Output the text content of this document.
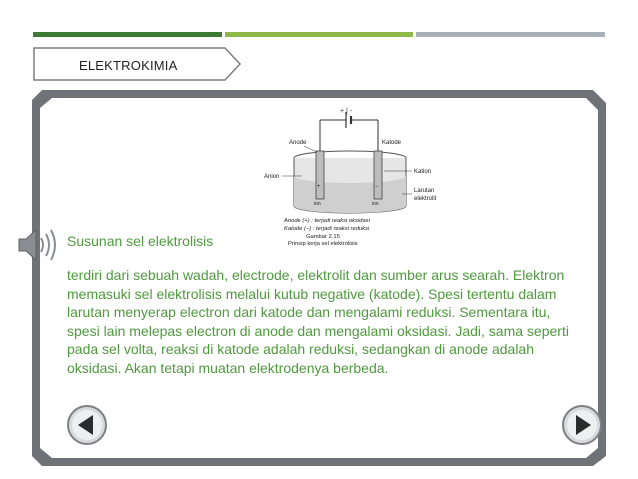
ELEKTROKIMIA
+ | -
+	−
ion	ion
Anode	Katode
Anion
Kation
Larutan
elektrolit
Anode (+) : terjadi reaksi oksidasi
Katode (−) : terjadi reaksi reduksi
Gambar 2.15
Prinsip kerja sel elektrolisis
Susunan sel elektrolisis
terdiri dari sebuah wadah, electrode, elektrolit dan sumber arus searah. Elektron memasuki sel elektrolisis melalui kutub negative (katode). Spesi tertentu dalam larutan menyerap electron dari katode dan mengalami reduksi. Sementara itu, spesi lain melepas electron di anode dan mengalami oksidasi. Jadi, sama seperti pada sel volta, reaksi di katode adalah reduksi, sedangkan di anode adalah oksidasi. Akan tetapi muatan elektrodenya berbeda.
